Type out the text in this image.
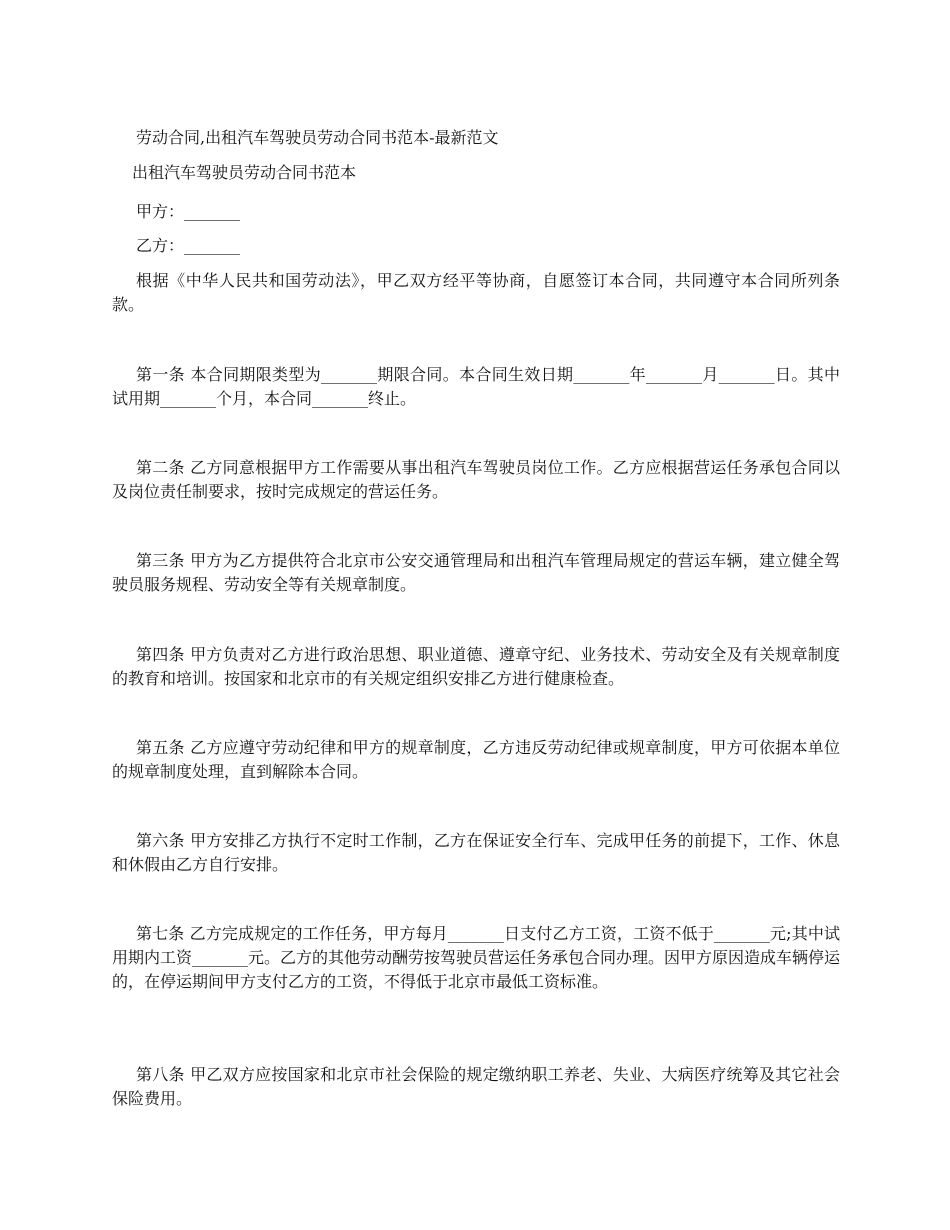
劳动合同,出租汽车驾驶员劳动合同书范本-最新范文
出租汽车驾驶员劳动合同书范本
甲方：_______
乙方：_______
根据《中华人民共和国劳动法》，甲乙双方经平等协商，自愿签订本合同，共同遵守本合同所列条款。
第一条 本合同期限类型为_______期限合同。本合同生效日期_______年_______月_______日。其中试用期_______个月，本合同_______终止。
第二条 乙方同意根据甲方工作需要从事出租汽车驾驶员岗位工作。乙方应根据营运任务承包合同以及岗位责任制要求，按时完成规定的营运任务。
第三条 甲方为乙方提供符合北京市公安交通管理局和出租汽车管理局规定的营运车辆，建立健全驾驶员服务规程、劳动安全等有关规章制度。
第四条 甲方负责对乙方进行政治思想、职业道德、遵章守纪、业务技术、劳动安全及有关规章制度的教育和培训。按国家和北京市的有关规定组织安排乙方进行健康检查。
第五条 乙方应遵守劳动纪律和甲方的规章制度，乙方违反劳动纪律或规章制度，甲方可依据本单位的规章制度处理，直到解除本合同。
第六条 甲方安排乙方执行不定时工作制，乙方在保证安全行车、完成甲任务的前提下，工作、休息和休假由乙方自行安排。
第七条 乙方完成规定的工作任务，甲方每月_______日支付乙方工资，工资不低于_______元;其中试用期内工资_______元。乙方的其他劳动酬劳按驾驶员营运任务承包合同办理。因甲方原因造成车辆停运的，在停运期间甲方支付乙方的工资，不得低于北京市最低工资标准。
第八条 甲乙双方应按国家和北京市社会保险的规定缴纳职工养老、失业、大病医疗统筹及其它社会保险费用。
